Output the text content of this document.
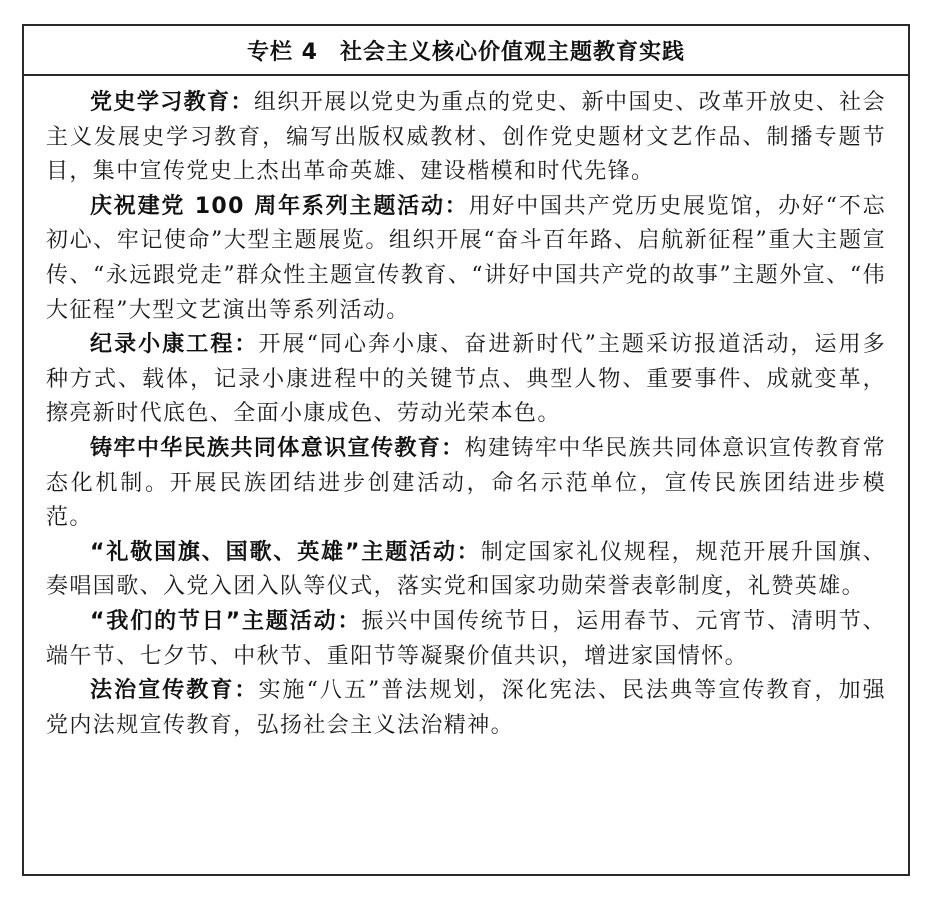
专栏 4 社会主义核心价值观主题教育实践

党史学习教育：组织开展以党史为重点的党史、新中国史、改革开放史、社会主义发展史学习教育，编写出版权威教材、创作党史题材文艺作品、制播专题节目，集中宣传党史上杰出革命英雄、建设楷模和时代先锋。

庆祝建党 100 周年系列主题活动：用好中国共产党历史展览馆，办好“不忘初心、牢记使命”大型主题展览。组织开展“奋斗百年路、启航新征程”重大主题宣传、“永远跟党走”群众性主题宣传教育、“讲好中国共产党的故事”主题外宣、“伟大征程”大型文艺演出等系列活动。

纪录小康工程：开展“同心奔小康、奋进新时代”主题采访报道活动，运用多种方式、载体，记录小康进程中的关键节点、典型人物、重要事件、成就变革，擦亮新时代底色、全面小康成色、劳动光荣本色。

铸牢中华民族共同体意识宣传教育：构建铸牢中华民族共同体意识宣传教育常态化机制。开展民族团结进步创建活动，命名示范单位，宣传民族团结进步模范。

“礼敬国旗、国歌、英雄”主题活动：制定国家礼仪规程，规范开展升国旗、奏唱国歌、入党入团入队等仪式，落实党和国家功勋荣誉表彰制度，礼赞英雄。

“我们的节日”主题活动：振兴中国传统节日，运用春节、元宵节、清明节、端午节、七夕节、中秋节、重阳节等凝聚价值共识，增进家国情怀。

法治宣传教育：实施“八五”普法规划，深化宪法、民法典等宣传教育，加强党内法规宣传教育，弘扬社会主义法治精神。
